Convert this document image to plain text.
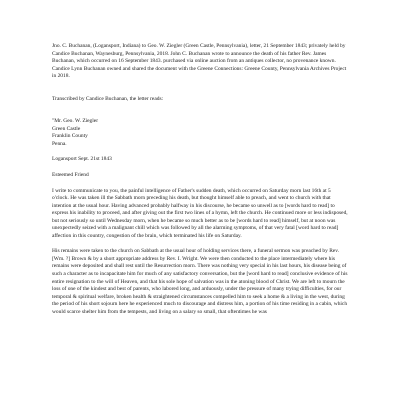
Jno. C. Buchanan, (Logansport, Indiana) to Geo. W. Ziegler (Green Castle, Pennsylvania), letter, 21 September 1843; privately held by Candice Buchanan, Waynesburg, Pennsylvania, 2018. John C. Buchanan wrote to announce the death of his father Rev. James Buchanan, which occurred on 16 September 1843. purchased via online auction from an antiques collector, no provenance known. Candice Lynn Buchanan owned and shared the document with the Greene Connections: Greene County, Pennsylvania Archives Project in 2018.

Transcribed by Candice Buchanan, the letter reads:

"Mr. Geo. W. Ziegler

Green Castle

Franklin County

Penna.

Logansport Sept. 21st 1843

Esteemed Friend

I write to communicate to you, the painful intelligence of Father's sudden death, which occurred on Saturday morn last 16th at 5 o'clock. He was taken ill the Sabbath morn preceding his death, but thought himself able to preach, and went to church with that intention at the usual hour. Having advanced probably halfway in his discourse, he became so unwell as to [words hard to read] to express his inability to proceed, and after giving out the first two lines of a hymn, left the church. He continued more or less indisposed, but not seriously so until Wednesday morn, when he became so much better as to be [words hard to read] himself, but at noon was unexpectedly seized with a malignant chill which was followed by all the alarming symptoms, of that very fatal [word hard to read] affection in this country, congestion of the brain, which terminated his life on Saturday.

His remains were taken to the church on Sabbath at the usual hour of holding services there, a funeral sermon was preached by Rev. [Wm. ?] Brown & by a short appropriate address by Rev. I. Wright. We were then conducted to the place intermediately where his remains were deposited and shall rest until the Resurrection morn. There was nothing very special in his last hours, his disease being of such a character as to incapacitate him for much of any satisfactory conversation, but the [word hard to read] conclusive evidence of his entire resignation to the will of Heaven, and that his sole hope of salvation was in the atoning blood of Christ. We are left to mourn the loss of one of the kindest and best of parents, who labored long, and arduously, under the pressure of many trying difficulties, for our temporal & spiritual welfare, broken health & straightened circumstances compelled him to seek a home & a living in the west, during the period of his short sojourn here he experienced much to discourage and distress him, a portion of his time residing in a cabin, which would scarce shelter him from the tempests, and living on a salary so small, that oftentimes he was
